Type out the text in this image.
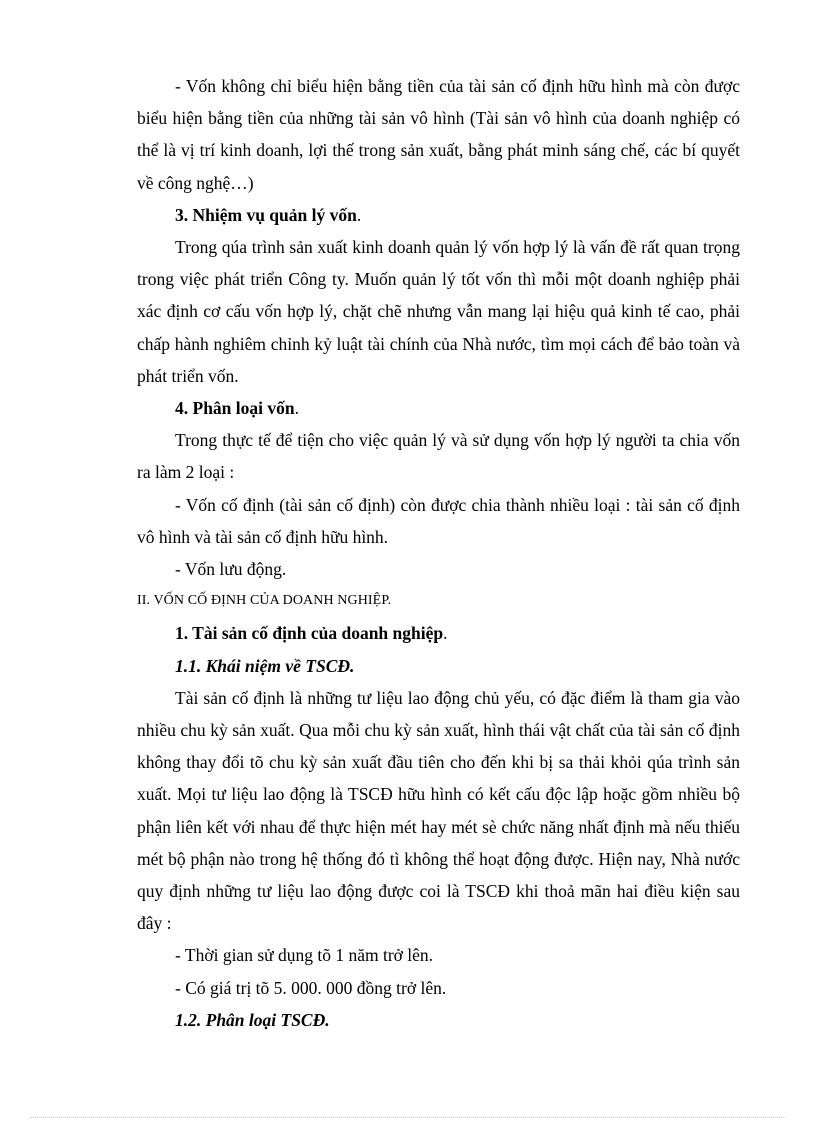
- Vốn không chỉ biểu hiện bằng tiền của tài sản cố định hữu hình mà còn được biểu hiện bằng tiền của những tài sản vô hình (Tài sản vô hình của doanh nghiệp có thể là vị trí kinh doanh, lợi thế trong sản xuất, bằng phát minh sáng chế, các bí quyết về công nghệ…)

3. Nhiệm vụ quản lý vốn.

Trong qúa trình sản xuất kinh doanh quản lý vốn hợp lý là vấn đề rất quan trọng trong việc phát triển Công ty. Muốn quản lý tốt vốn thì mỗi một doanh nghiệp phải xác định cơ cấu vốn hợp lý, chặt chẽ nhưng vẫn mang lại hiệu quả kinh tế cao, phải chấp hành nghiêm chỉnh kỷ luật tài chính của Nhà nước, tìm mọi cách để bảo toàn và phát triển vốn.

4. Phân loại vốn.

Trong thực tế để tiện cho việc quản lý và sử dụng vốn hợp lý người ta chia vốn ra làm 2 loại :

- Vốn cố định (tài sản cố định) còn được chia thành nhiều loại : tài sản cố định vô hình và tài sản cố định hữu hình.

- Vốn lưu động.

II. VỐN CỐ ĐỊNH CỦA DOANH NGHIỆP.

1. Tài sản cố định của doanh nghiệp.

1.1. Khái niệm về TSCĐ.

Tài sản cố định là những tư liệu lao động chủ yếu, có đặc điểm là tham gia vào nhiều chu kỳ sản xuất. Qua mỗi chu kỳ sản xuất, hình thái vật chất của tài sản cố định không thay đổi tõ chu kỳ sản xuất đầu tiên cho đến khi bị sa thải khỏi qúa trình sản xuất. Mọi tư liệu lao động là TSCĐ hữu hình có kết cấu độc lập hoặc gồm nhiều bộ phận liên kết với nhau để thực hiện mét hay mét sè chức năng nhất định mà nếu thiếu mét bộ phận nào trong hệ thống đó tì không thể hoạt động được. Hiện nay, Nhà nước quy định những tư liệu lao động được coi là TSCĐ khi thoả mãn hai điều kiện sau đây :

- Thời gian sử dụng tõ 1 năm trở lên.

- Có giá trị tõ 5. 000. 000 đồng trở lên.

1.2. Phân loại TSCĐ.
